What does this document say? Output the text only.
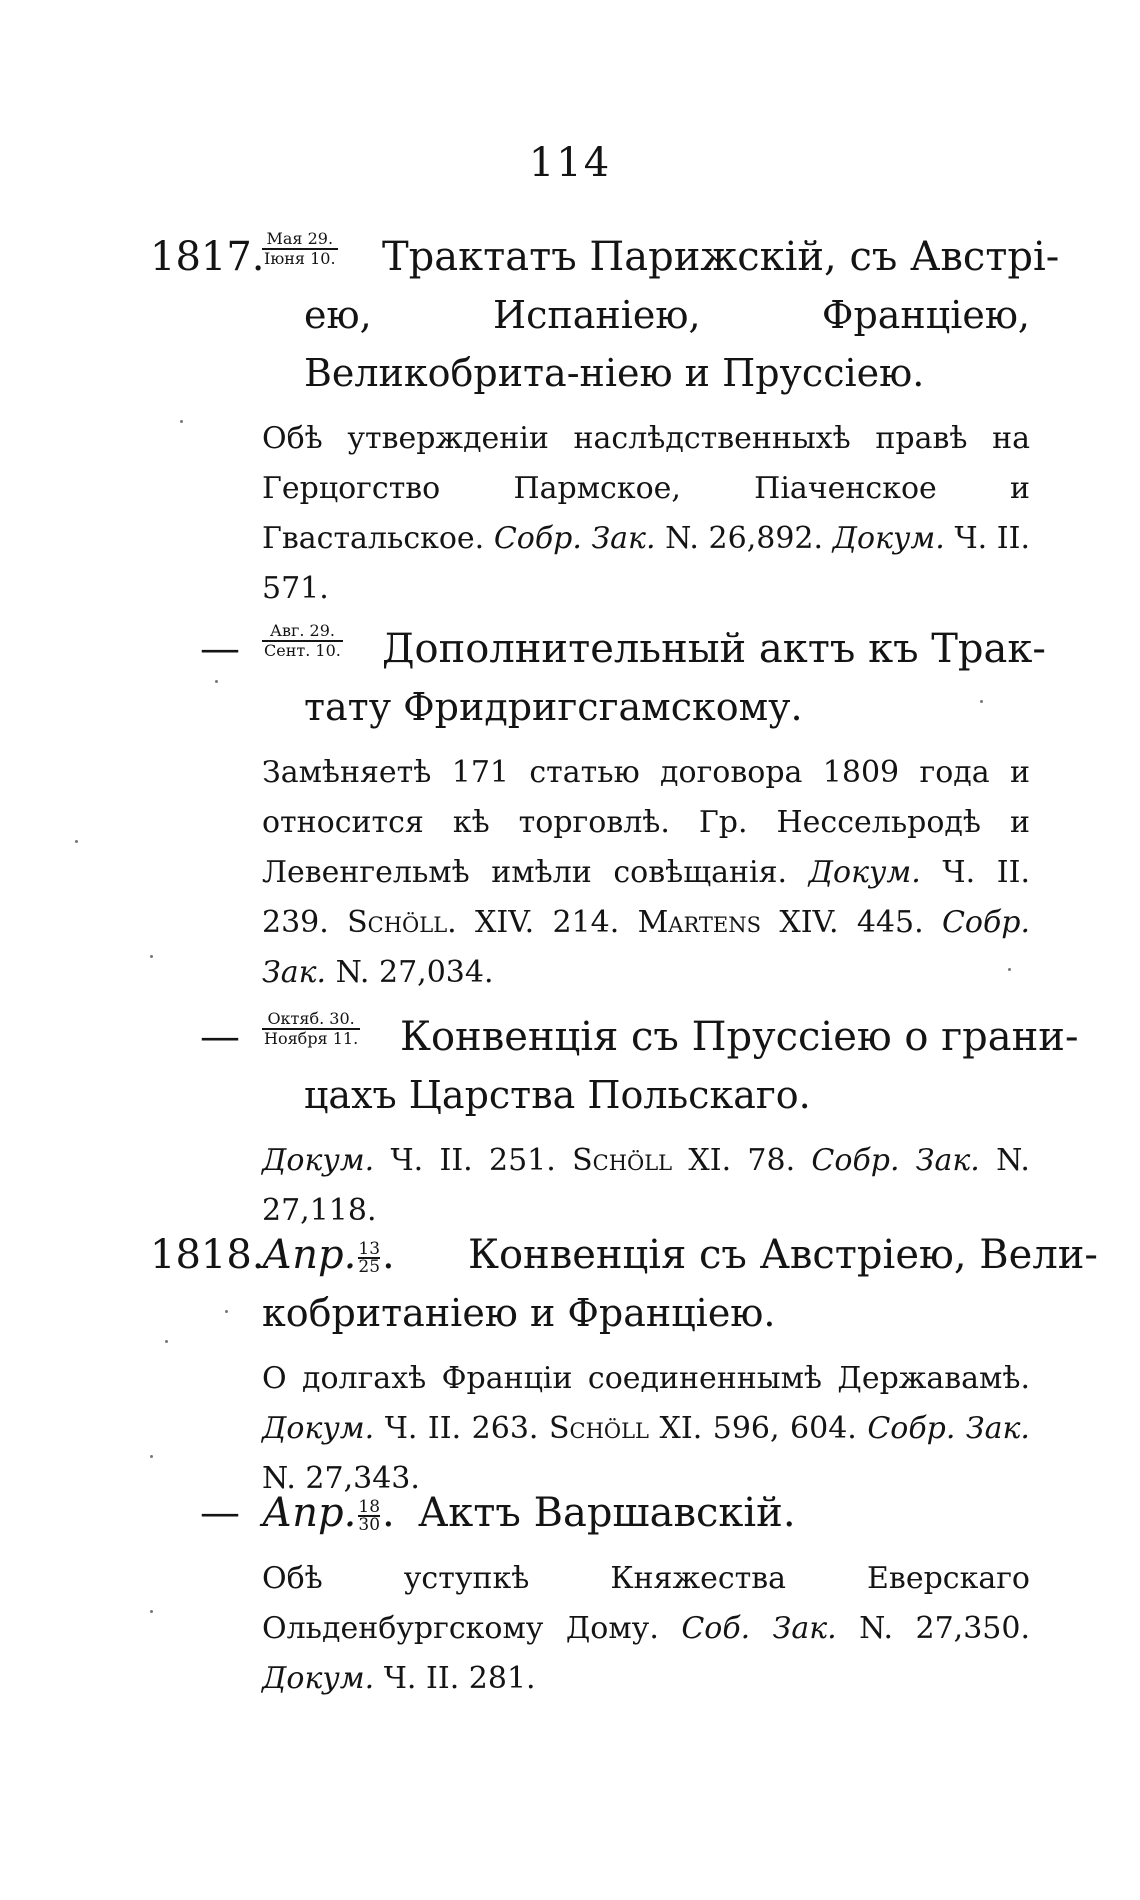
114
1817. Мая 29.
Іюня 10. Трактатъ Парижскій, съ Австрі-
ею, Испаніею, Франціею, Великобрита-ніею и Пруссіею.
Обѣ утвержденіи наслѣдственныхѣ правѣ на Герцогство Пармское, Піаченское и Гвастальское. Собр. Зак. N. 26,892. Докум. Ч. II. 571.
—	Авг. 29.
Сент. 10. Дополнительный актъ къ Трак-
тату Фридригсгамскому.
Замѣняетѣ 171 статью договора 1809 года и относится кѣ торговлѣ. Гр. Нессельродѣ и Левенгельмѣ имѣли совѣщанія. Докум. Ч. II. 239. Schöll. XIV. 214. Martens XIV. 445. Собр. Зак. N. 27,034.
—	Октяб. 30.
Ноября 11. Конвенція съ Пруссіею о грани-
цахъ Царства Польскаго.
Докум. Ч. II. 251. Schöll XI. 78. Собр. Зак. N. 27,118.
1818.
Апр. $\frac{13}{25}$ . Конвенція съ Австріею, Вели-
кобританіею и Франціею.
О долгахѣ Франціи соединеннымѣ Державамѣ. Докум. Ч. II. 263. Schöll XI. 596, 604. Собр. Зак. N. 27,343.
— Апр. $\frac{18}{30}$ . Актъ Варшавскій.
Обѣ уступкѣ Княжества Еверскаго Ольденбургскому Дому. Соб. Зак. N. 27,350. Докум. Ч. II. 281.
